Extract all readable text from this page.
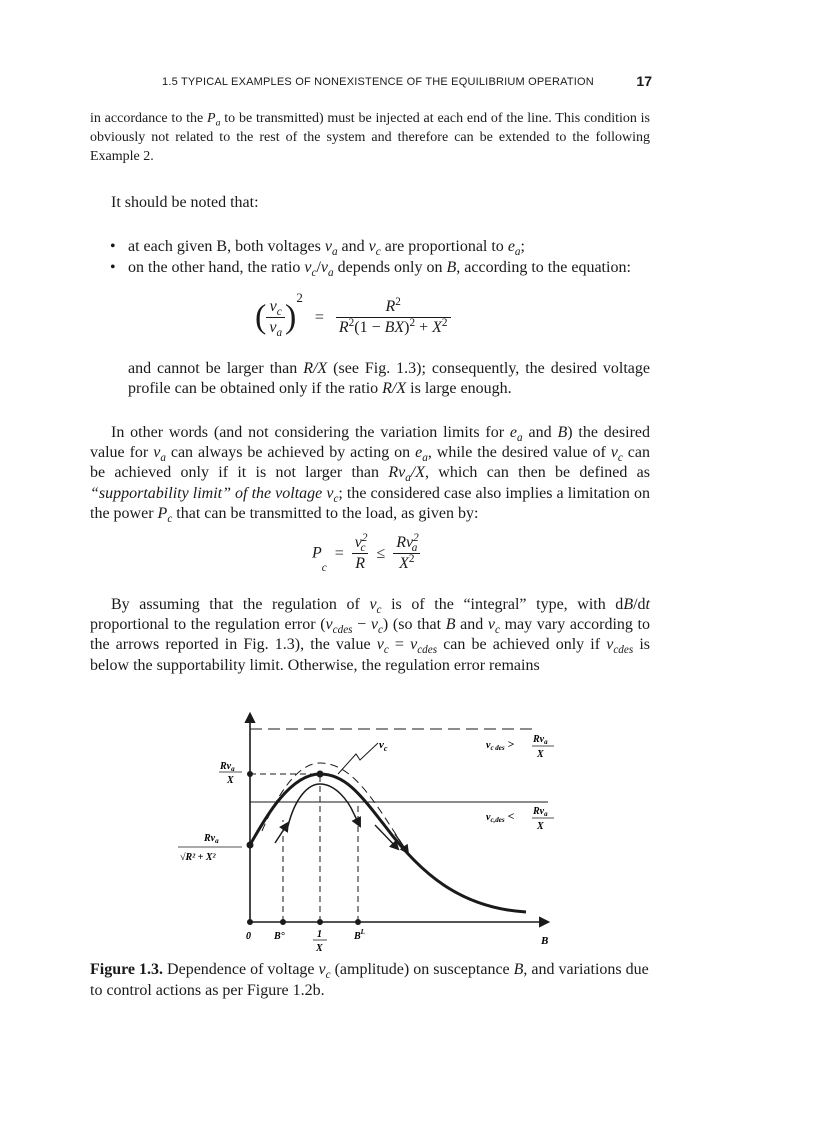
1.5 TYPICAL EXAMPLES OF NONEXISTENCE OF THE EQUILIBRIUM OPERATION	17
in accordance to the $P_a$ to be transmitted) must be injected at each end of the line. This condition is obviously not related to the rest of the system and therefore can be extended to the following Example 2.
It should be noted that:
• at each given B, both voltages $v_a$ and $v_c$ are proportional to $e_a$;
• on the other hand, the ratio $v_c/v_a$ depends only on B, according to the equation:
( $\frac{v_c}{v_a} )^2 = \frac{R^2}{R^2(1 - BX)^2 + X^2}$
and cannot be larger than R/X (see Fig. 1.3); consequently, the desired voltage profile can be obtained only if the ratio R/X is large enough.
In other words (and not considering the variation limits for $e_a$ and B) the desired value for $v_a$ can always be achieved by acting on $e_a$, while the desired value of $v_c$ can be achieved only if it is not larger than $Rv_a/X$, which can then be defined as “supportability limit” of the voltage $v_c$; the considered case also implies a limitation on the power $P_c$ that can be transmitted to the load, as given by:
$P_c = \frac{v^2_c}{R} \le \frac{Rv^2_a}{X^2}$
By assuming that the regulation of $v_c$ is of the “integral” type, with dB/dt proportional to the regulation error $(v_{cdes} - v_c)$ (so that B and $v_c$ may vary according to the arrows reported in Fig. 1.3), the value $v_c = v_{cdes}$ can be achieved only if $v_{cdes}$ is below the supportability limit. Otherwise, the regulation error remains
$v_c$	$v_{c des} > Rv_a$
X
$v_{c,des} < Rv_a$
X
$Rv_a$
X
$Rv_a$
√R² + X²
0 B°	1
X
$B^L$
B
Figure 1.3. Dependence of voltage $v_c$ (amplitude) on susceptance B, and variations due to control actions as per Figure 1.2b.
